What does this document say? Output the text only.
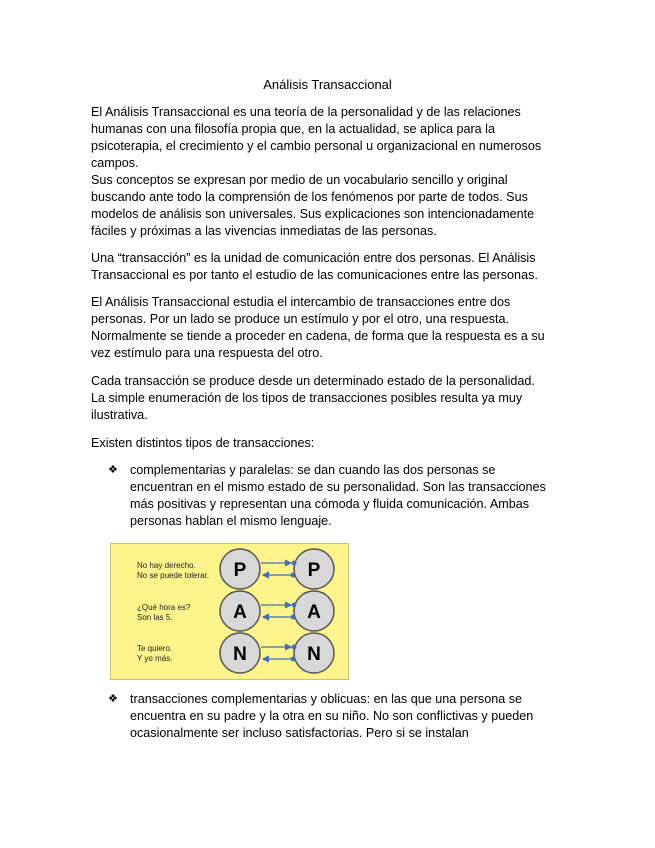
Análisis Transaccional
El Análisis Transaccional es una teoría de la personalidad y de las relaciones
humanas con una filosofía propia que, en la actualidad, se aplica para la
psicoterapia, el crecimiento y el cambio personal u organizacional en numerosos
campos.
Sus conceptos se expresan por medio de un vocabulario sencillo y original
buscando ante todo la comprensión de los fenómenos por parte de todos. Sus
modelos de análisis son universales. Sus explicaciones son intencionadamente
fáciles y próximas a las vivencias inmediatas de las personas.
Una “transacción” es la unidad de comunicación entre dos personas. El Análisis
Transaccional es por tanto el estudio de las comunicaciones entre las personas.
El Análisis Transaccional estudia el intercambio de transacciones entre dos
personas. Por un lado se produce un estímulo y por el otro, una respuesta.
Normalmente se tiende a proceder en cadena, de forma que la respuesta es a su
vez estímulo para una respuesta del otro.
Cada transacción se produce desde un determinado estado de la personalidad.
La simple enumeración de los tipos de transacciones posibles resulta ya muy
ilustrativa.
Existen distintos tipos de transacciones:
❖ complementarias y paralelas: se dan cuando las dos personas se
encuentran en el mismo estado de su personalidad. Son las transacciones
más positivas y representan una cómoda y fluida comunicación. Ambas
personas hablan el mismo lenguaje.
P	P
A	A
N	N
No hay derecho.
No se puede tolerar.
¿Qué hora es?
Son las 5.
Te quiero.
Y yo más.
❖ transacciones complementarias y oblicuas: en las que una persona se
encuentra en su padre y la otra en su niño. No son conflictivas y pueden
ocasionalmente ser incluso satisfactorias. Pero si se instalan
